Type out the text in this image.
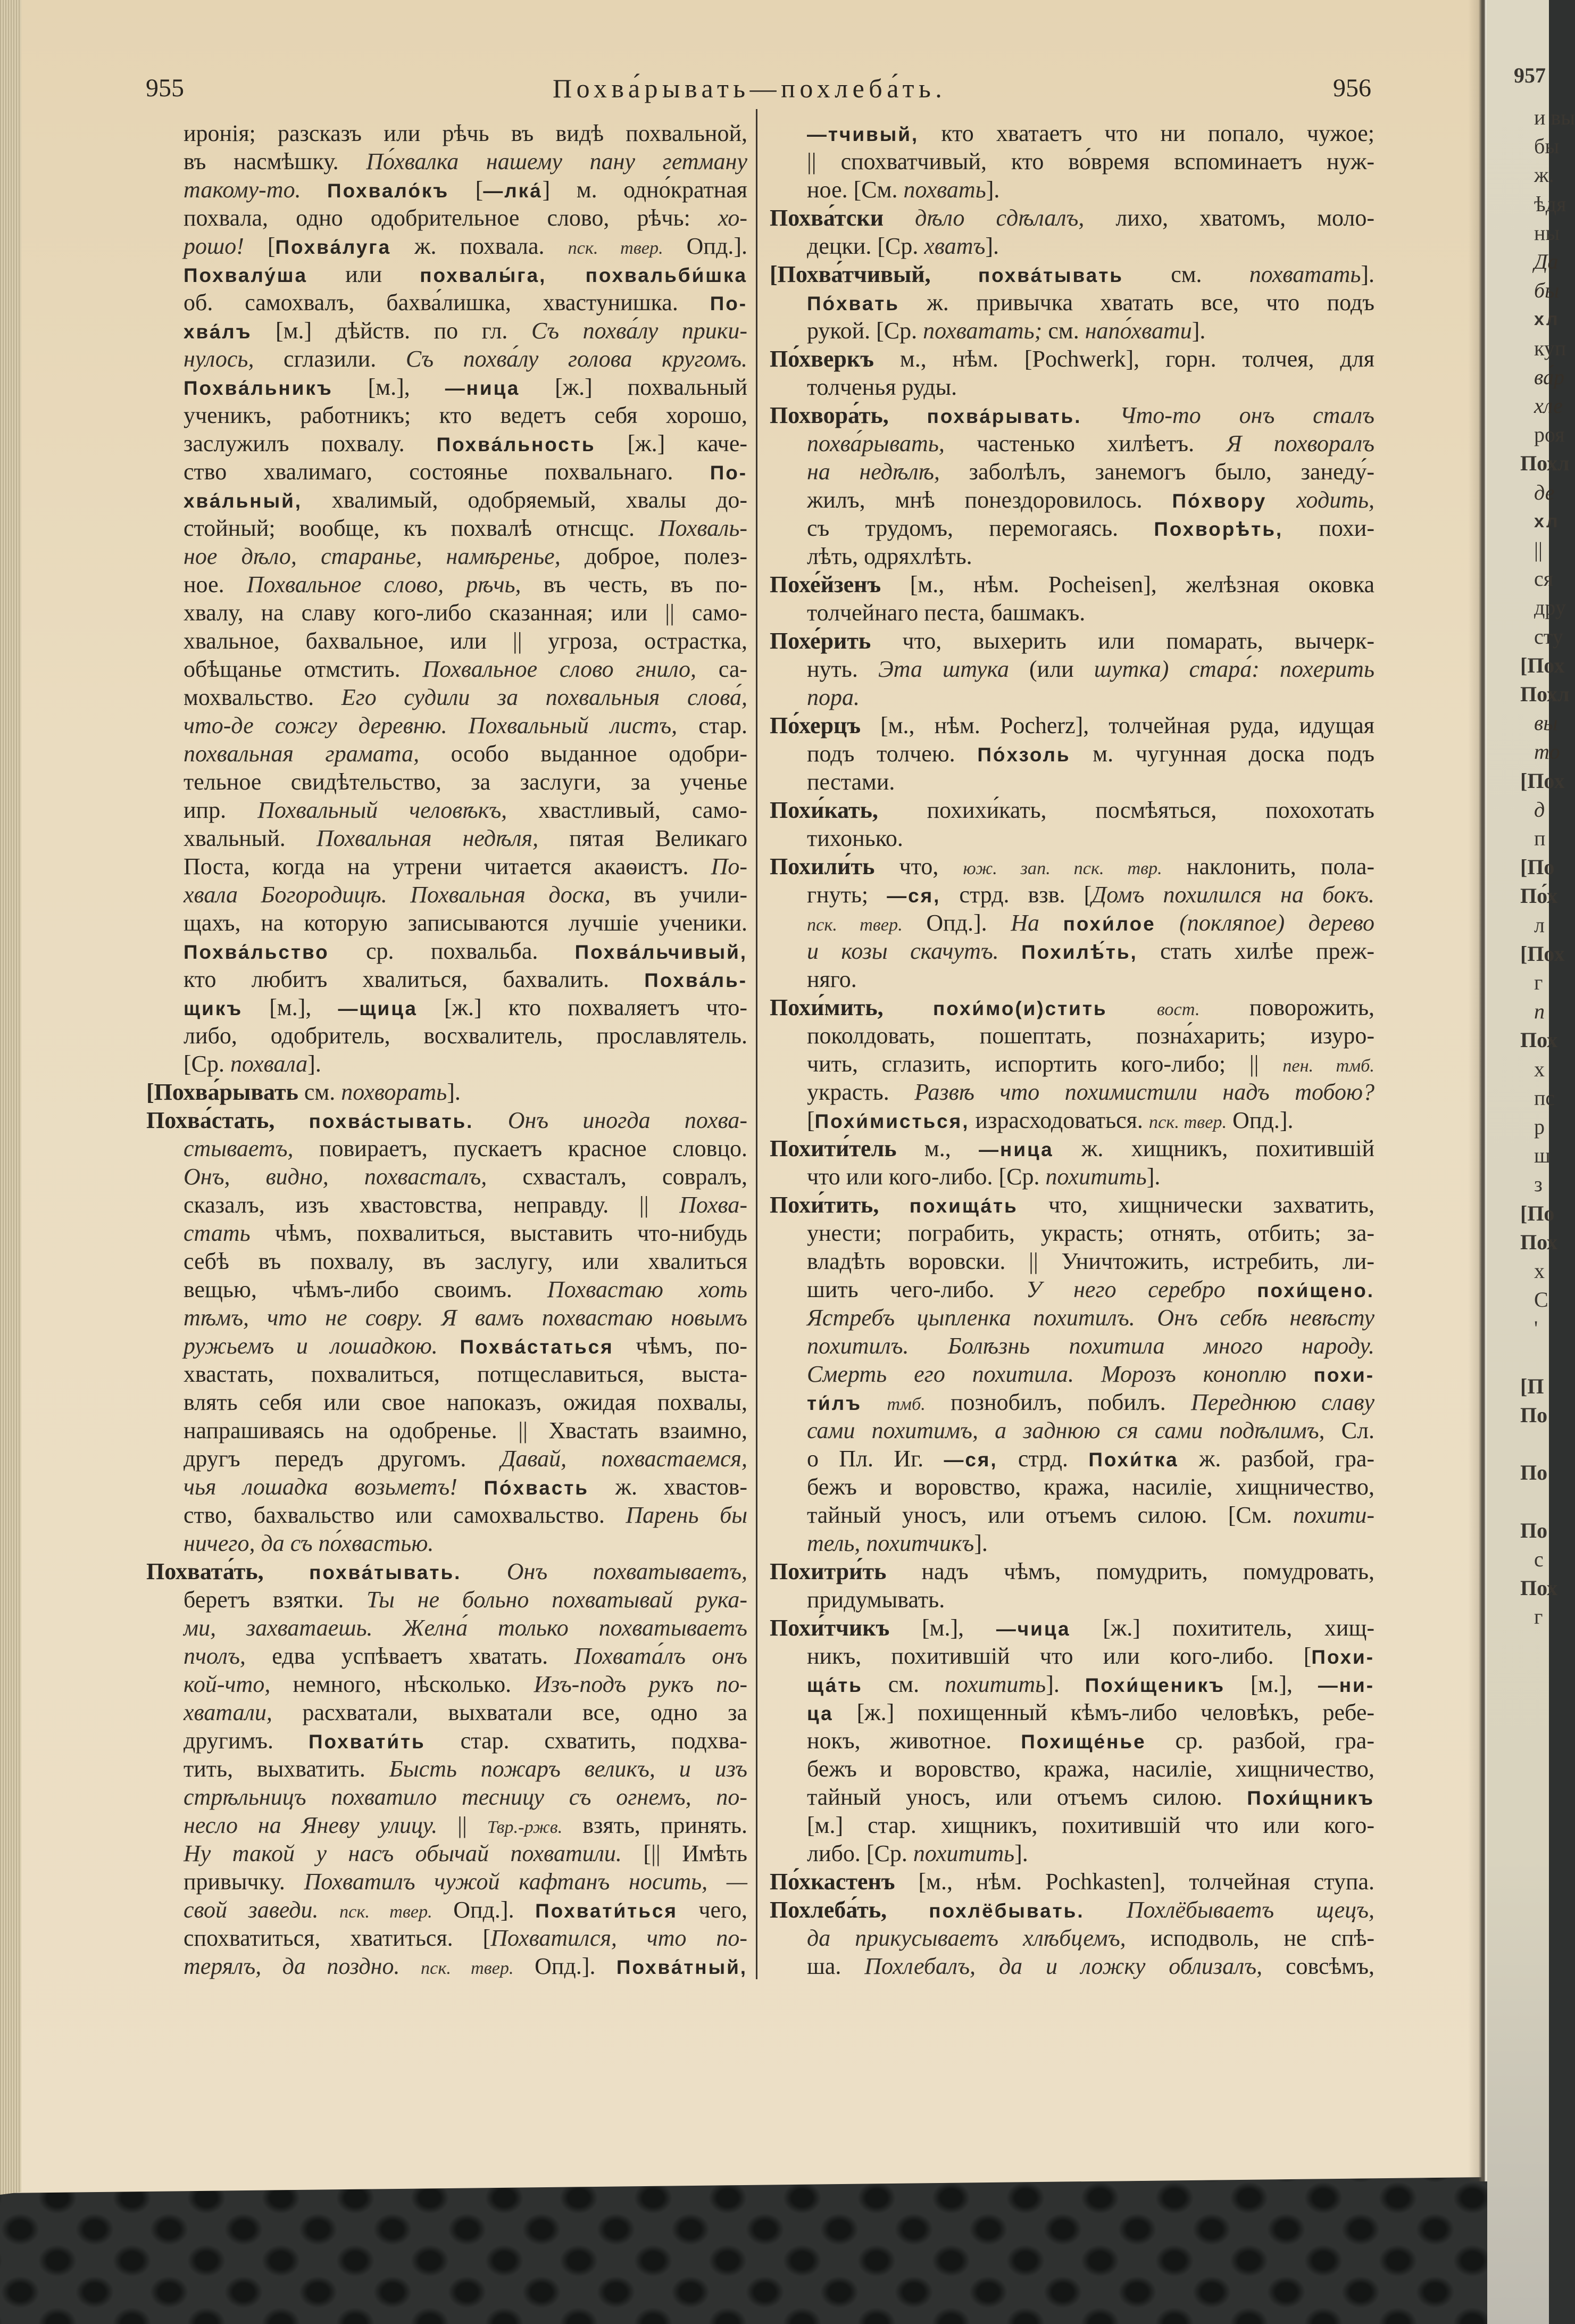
957
и вы
бы
ж.
ѣдя
ны
Да
бы
хл
куп
ва́р
хле
роя
Похл
де
хл
||
ся
дру
сту
[Пох
Похл
вы
то
[Пох
д
п
[По
По́х
л
[Пох
г
п
Пох
х
пс
р
ш
з
[По
Пох
х
С
'
[П
По
По
По
с
Пох
г
955	Похва́рывать—похлеба́ть.	956
иронія; разсказъ или рѣчь въ видѣ похвальной,
въ насмѣшку. По́хвалка нашему пану гетману
такому-то. Похвало́къ [—лка́] м. одно́кратная
похвала, одно одобрительное слово, рѣчь: хо-
рошо! [Похва́луга ж. похвала. пск. твер. Опд.].
Похвалу́ша или похвалы́га, похвальби́шка
об. самохвалъ, бахва́лишка, хвастунишка. По-
хва́лъ [м.] дѣйств. по гл. Съ похва́лу прики-
нулось, сглазили. Съ похва́лу голова кругомъ.
Похва́льникъ [м.], —ница [ж.] похвальный
ученикъ, работникъ; кто ведетъ себя хорошо,
заслужилъ похвалу. Похва́льность [ж.] каче-
ство хвалимаго, состоянье похвальнаго. По-
хва́льный, хвалимый, одобряемый, хвалы до-
стойный; вообще, къ похвалѣ отнсщс. Похваль-
ное дѣло, старанье, намѣренье, доброе, полез-
ное. Похвальное слово, рѣчь, въ честь, въ по-
хвалу, на славу кого-либо сказанная; или || само-
хвальное, бахвальное, или || угроза, острастка,
обѣщанье отмстить. Похвальное слово гнило, са-
мохвальство. Его судили за похвальныя слова́,
что-де сожгу деревню. Похвальный листъ, стар.
похвальная грамата, особо выданное одобри-
тельное свидѣтельство, за заслуги, за ученье
ипр. Похвальный человѣкъ, хвастливый, само-
хвальный. Похвальная недѣля, пятая Великаго
Поста, когда на утрени читается акаѳистъ. По-
хвала Богородицѣ. Похвальная доска, въ учили-
щахъ, на которую записываются лучшіе ученики.
Похва́льство ср. похвальба. Похва́льчивый,
кто любитъ хвалиться, бахвалить. Похва́ль-
щикъ [м.], —щица [ж.] кто похваляетъ что-
либо, одобритель, восхвалитель, прославлятель.
[Ср. похвала].
[Похва́рывать см. похворать].
Похва́стать, похва́стывать. Онъ иногда похва-
стываетъ, повираетъ, пускаетъ красное словцо.
Онъ, видно, похвасталъ, схвасталъ, совралъ,
сказалъ, изъ хвастовства, неправду. || Похва-
стать чѣмъ, похвалиться, выставить что-нибудь
себѣ въ похвалу, въ заслугу, или хвалиться
вещью, чѣмъ-либо своимъ. Похвастаю хоть
тѣмъ, что не совру. Я вамъ похвастаю новымъ
ружьемъ и лошадкою. Похва́статься чѣмъ, по-
хвастать, похвалиться, потщеславиться, выста-
влять себя или свое напоказъ, ожидая похвалы,
напрашиваясь на одобренье. || Хвастать взаимно,
другъ передъ другомъ. Давай, похвастаемся,
чья лошадка возьметъ! По́хвасть ж. хвастов-
ство, бахвальство или самохвальство. Парень бы
ничего, да съ по́хвастью.
Похвата́ть, похва́тывать. Онъ похватываетъ,
беретъ взятки. Ты не больно похватывай рука-
ми, захватаешь. Желна́ только похватываетъ
пчолъ, едва успѣваетъ хватать. Похвата́лъ онъ
кой-что, немного, нѣсколько. Изъ-подъ рукъ по-
хватали, расхватали, выхватали все, одно за
другимъ. Похвати́ть стар. схватить, подхва-
тить, выхватить. Бысть пожаръ великъ, и изъ
стрѣльницъ похватило тесницу съ огнемъ, по-
несло на Яневу улицу. || Твр.-ржв. взять, принять.
Ну такой у насъ обычай похватили. [|| Имѣть
привычку. Похватилъ чужой кафтанъ носить, —
свой заведи. пск. твер. Опд.]. Похвати́ться чего,
спохватиться, хватиться. [Похватился, что по-
терялъ, да поздно. пск. твер. Опд.]. Похва́тный,
—тчивый, кто хватаетъ что ни попало, чужое;
|| спохватчивый, кто во́время вспоминаетъ нуж-
ное. [См. похвать].
Похва́тски дѣло сдѣлалъ, лихо, хватомъ, моло-
децки. [Ср. хватъ].
[Похва́тчивый, похва́тывать см. похватать].
По́хвать ж. привычка хватать все, что подъ
рукой. [Ср. похватать; см. напо́хвати].
По́хверкъ м., нѣм. [Pochwerk], горн. толчея, для
толченья руды.
Похвора́ть, похва́рывать. Что-то онъ сталъ
похва́рывать, частенько хилѣетъ. Я похворалъ
на недѣлѣ, заболѣлъ, занемогъ было, занеду́-
жилъ, мнѣ понездоровилось. По́хвору ходить,
съ трудомъ, перемогаясь. Похворѣть, похи-
лѣть, одряхлѣть.
Похе́йзенъ [м., нѣм. Pocheisen], желѣзная оковка
толчейнаго песта, башмакъ.
Похе́рить что, выхерить или помарать, вычерк-
нуть. Эта штука (или шутка) стара́: похерить
пора.
По́херцъ [м., нѣм. Pocherz], толчейная руда, идущая
подъ толчею. По́хзоль м. чугунная доска подъ
пестами.
Похи́кать, похихи́кать, посмѣяться, похохотать
тихонько.
Похили́ть что, юж. зап. пск. твр. наклонить, пола-
гнуть; —ся, стрд. взв. [Домъ похилился на бокъ.
пск. твер. Опд.]. На похи́лое (покляпое) дерево
и козы скачутъ. Похилѣ́ть, стать хилѣе преж-
няго.
Похи́мить,	похи́мо(и)стить	вост. поворожить,
поколдовать, пошептать, позна́харить; изуро-
чить, сглазить, испортить кого-либо; || пен. тмб.
украсть. Развѣ что похимистили надъ тобою?
[Похи́мисться, израсходоваться. пск. твер. Опд.].
Похити́тель м., —ница ж. хищникъ, похитившій
что или кого-либо. [Ср. похитить].
Похи́тить, похища́ть что, хищнически захватить,
унести; пограбить, украсть; отнять, отбить; за-
владѣть воровски. || Уничтожить, истребить, ли-
шить чего-либо. У него серебро похи́щено.
Ястребъ цыпленка похитилъ. Онъ себѣ невѣсту
похитилъ. Болѣзнь похитила много народу.
Смерть его похитила. Морозъ коноплю похи-
ти́лъ тмб. познобилъ, побилъ. Переднюю славу
сами похитимъ, а заднюю ся сами подѣлимъ, Сл.
о Пл. Иг. —ся, стрд. Похи́тка ж. разбой, гра-
бежъ и воровство, кража, насиліе, хищничество,
тайный уносъ, или отъемъ силою. [См. похити-
тель, похитчикъ].
Похитри́ть надъ чѣмъ, помудрить, помудровать,
придумывать.
Похи́тчикъ [м.], —чица [ж.] похититель, хищ-
никъ, похитившій что или кого-либо. [Похи-
ща́ть см. похитить]. Похи́щеникъ [м.], —ни-
ца [ж.] похищенный кѣмъ-либо человѣкъ, ребе-
нокъ, животное. Похище́нье ср. разбой, гра-
бежъ и воровство, кража, насиліе, хищничество,
тайный уносъ, или отъемъ силою. Похи́щникъ
[м.] стар. хищникъ, похитившій что или кого-
либо. [Ср. похитить].
По́хкастенъ [м., нѣм. Pochkasten], толчейная ступа.
Похлеба́ть, похлёбывать. Похлёбываетъ щецъ,
да прикусываетъ хлѣбцемъ, исподволь, не спѣ-
ша. Похлебалъ, да и ложку облизалъ, совсѣмъ,
